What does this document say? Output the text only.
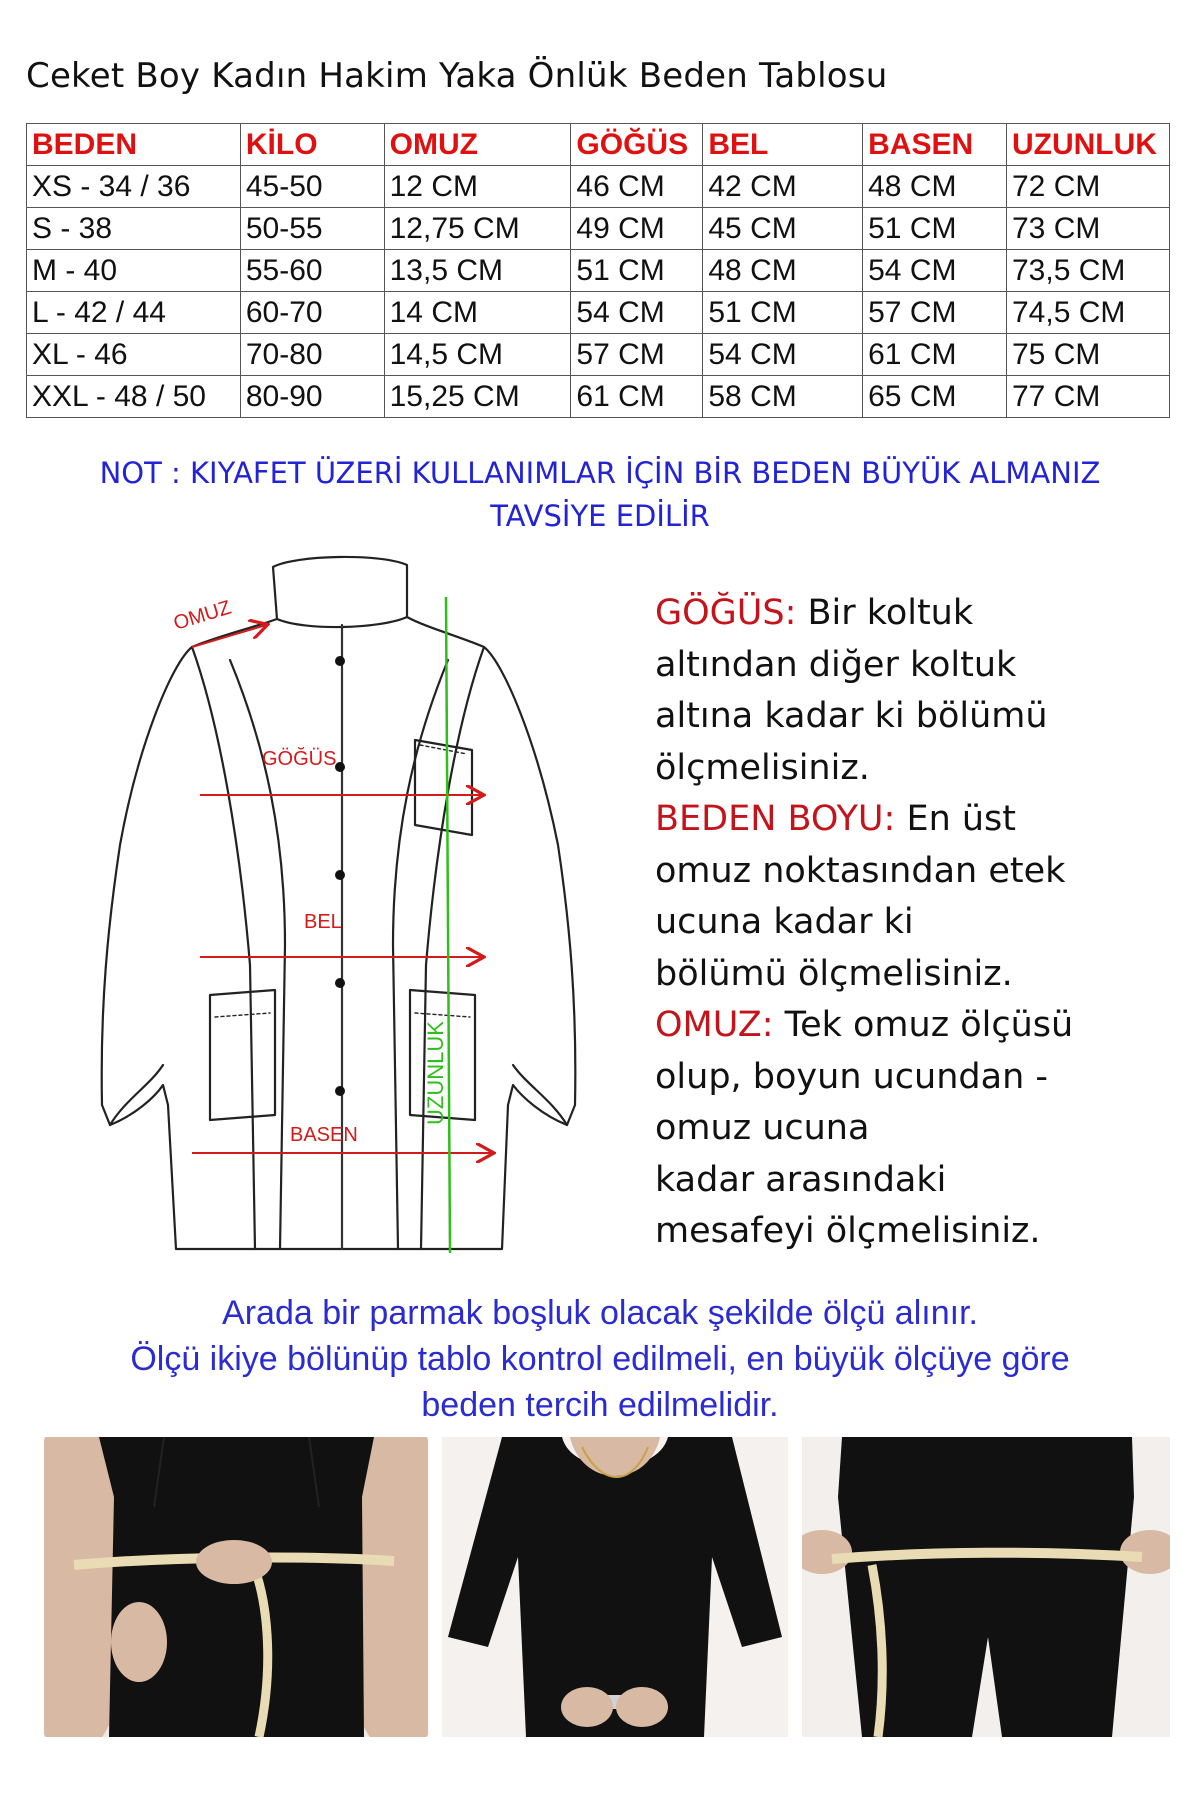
Ceket Boy Kadın Hakim Yaka Önlük Beden Tablosu
BEDEN	KİLO	OMUZ	GÖĞÜS	BEL	BASEN	UZUNLUK
XS - 34 / 36	45-50	12 CM	46 CM	42 CM	48 CM	72 CM
S - 38	50-55	12,75 CM	49 CM	45 CM	51 CM	73 CM
M - 40	55-60	13,5 CM	51 CM	48 CM	54 CM	73,5 CM
L - 42 / 44	60-70	14 CM	54 CM	51 CM	57 CM	74,5 CM
XL - 46	70-80	14,5 CM	57 CM	54 CM	61 CM	75 CM
XXL - 48 / 50	80-90	15,25 CM	61 CM	58 CM	65 CM	77 CM
NOT : KIYAFET ÜZERİ KULLANIMLAR İÇİN BİR BEDEN BÜYÜK ALMANIZ
TAVSİYE EDİLİR
OMUZ
GÖĞÜS
BEL
BASEN
UZUNLUK

GÖĞÜS: Bir koltuk

altından diğer koltuk

altına kadar ki bölümü

ölçmelisiniz.

BEDEN BOYU: En üst

omuz noktasından etek

ucuna kadar ki

bölümü ölçmelisiniz.

OMUZ: Tek omuz ölçüsü

olup, boyun ucundan -

omuz ucuna

kadar arasındaki

mesafeyi ölçmelisiniz.

Arada bir parmak boşluk olacak şekilde ölçü alınır.
Ölçü ikiye bölünüp tablo kontrol edilmeli, en büyük ölçüye göre
beden tercih edilmelidir.
